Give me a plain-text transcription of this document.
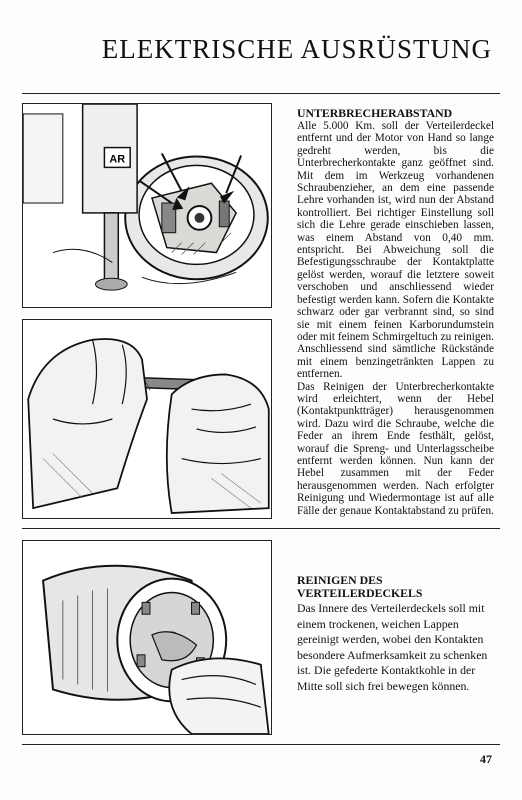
ELEKTRISCHE AUSRÜSTUNG
AR
UNTERBRECHERABSTAND

Alle 5.000 Km. soll der Verteilerdeckel entfernt und der Motor von Hand so lange gedreht werden, bis die Unterbrecherkontakte ganz geöffnet sind. Mit dem im Werkzeug vorhandenen Schraubenzieher, an dem eine passende Lehre vorhanden ist, wird nun der Abstand kontrolliert. Bei richtiger Einstellung soll sich die Lehre gerade einschieben lassen, was einem Abstand von 0,40 mm. entspricht. Bei Abweichung soll die Befestigungsschraube der Kontaktplatte gelöst werden, worauf die letztere soweit verschoben und anschliessend wieder befestigt werden kann. Sofern die Kontakte schwarz oder gar verbrannt sind, so sind sie mit einem feinen Karborundumstein oder mit feinem Schmirgeltuch zu reinigen. Anschliessend sind sämtliche Rückstände mit einem benzingetränkten Lappen zu entfernen.

Das Reinigen der Unterbrecherkontakte wird erleichtert, wenn der Hebel (Kontaktpunktträger) herausgenommen wird. Dazu wird die Schraube, welche die Feder an ihrem Ende festhält, gelöst, worauf die Spreng- und Unterlagsscheibe entfernt werden können. Nun kann der Hebel zusammen mit der Feder herausgenommen werden. Nach erfolgter Reinigung und Wiedermontage ist auf alle Fälle der genaue Kontaktabstand zu prüfen.

REINIGEN DES
VERTEILERDECKELS

Das Innere des Verteilerdeckels soll mit einem trockenen, weichen Lappen gereinigt werden, wobei den Kontakten besondere Aufmerksamkeit zu schenken ist. Die gefederte Kontaktkohle in der Mitte soll sich frei bewegen können.

47
